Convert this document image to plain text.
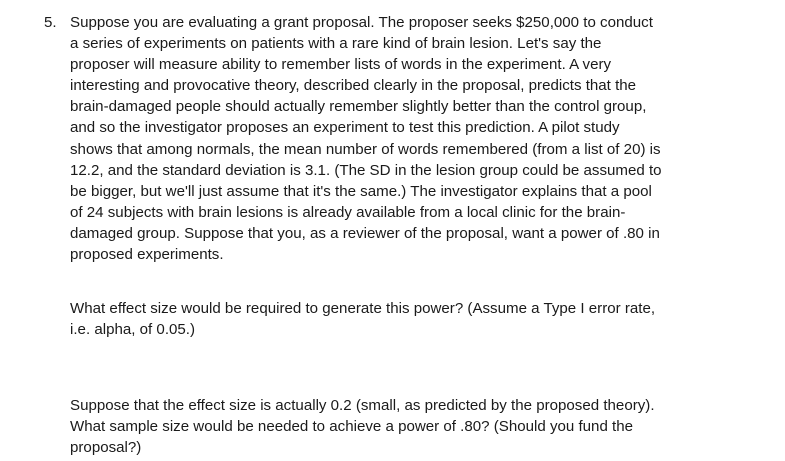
5. Suppose you are evaluating a grant proposal. The proposer seeks $250,000 to conduct
a series of experiments on patients with a rare kind of brain lesion. Let's say the
proposer will measure ability to remember lists of words in the experiment. A very
interesting and provocative theory, described clearly in the proposal, predicts that the
brain-damaged people should actually remember slightly better than the control group,
and so the investigator proposes an experiment to test this prediction. A pilot study
shows that among normals, the mean number of words remembered (from a list of 20) is
12.2, and the standard deviation is 3.1. (The SD in the lesion group could be assumed to
be bigger, but we'll just assume that it's the same.) The investigator explains that a pool
of 24 subjects with brain lesions is already available from a local clinic for the brain-
damaged group. Suppose that you, as a reviewer of the proposal, want a power of .80 in
proposed experiments.

What effect size would be required to generate this power? (Assume a Type I error rate,
i.e. alpha, of 0.05.)

Suppose that the effect size is actually 0.2 (small, as predicted by the proposed theory).
What sample size would be needed to achieve a power of .80? (Should you fund the
proposal?)
